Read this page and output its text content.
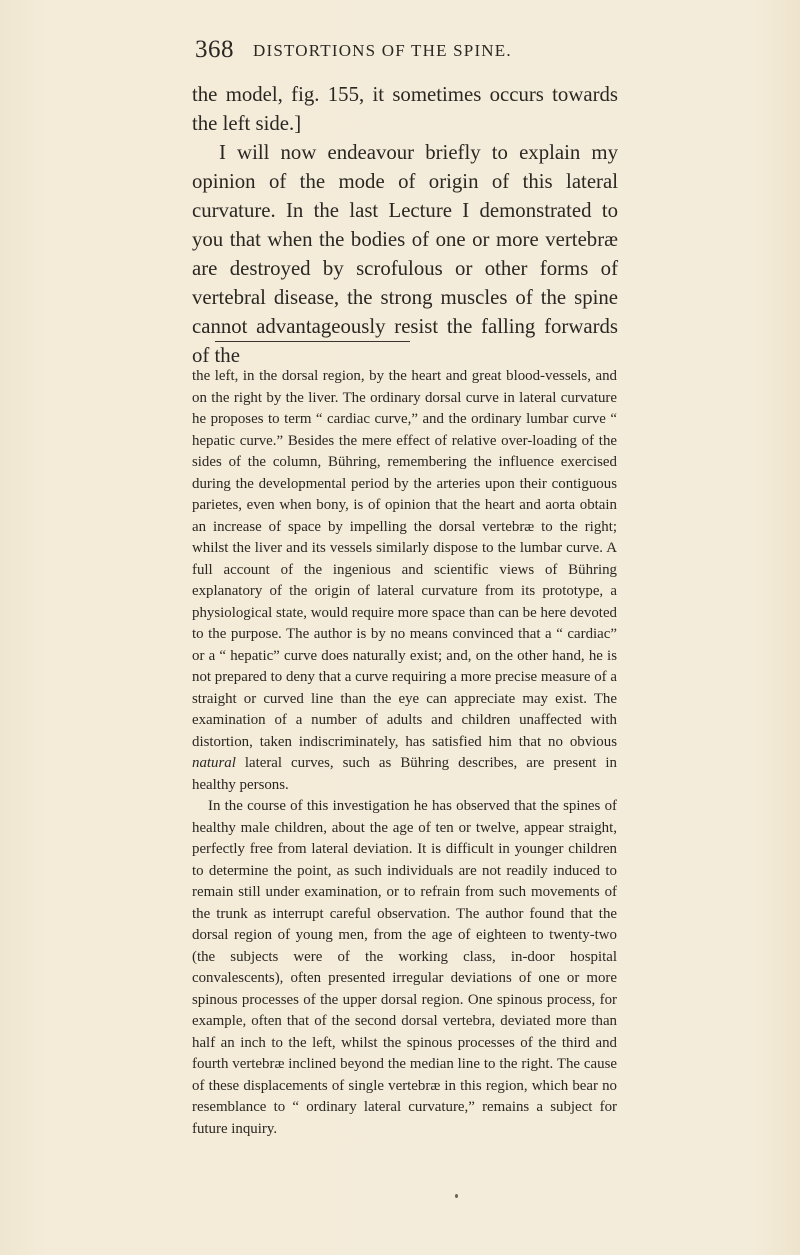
368 DISTORTIONS OF THE SPINE.

the model, fig. 155, it sometimes occurs towards the left side.]

I will now endeavour briefly to explain my opinion of the mode of origin of this lateral curvature. In the last Lecture I demonstrated to you that when the bodies of one or more vertebræ are destroyed by scrofulous or other forms of vertebral disease, the strong muscles of the spine cannot advantageously resist the falling forwards of the

the left, in the dorsal region, by the heart and great blood-vessels, and on the right by the liver. The ordinary dorsal curve in lateral curvature he proposes to term “ cardiac curve,” and the ordinary lumbar curve “ hepatic curve.” Besides the mere effect of relative over-loading of the sides of the column, Bühring, remembering the influence exercised during the developmental period by the arteries upon their contiguous parietes, even when bony, is of opinion that the heart and aorta obtain an increase of space by impelling the dorsal vertebræ to the right; whilst the liver and its vessels similarly dispose to the lumbar curve. A full account of the ingenious and scientific views of Bühring explanatory of the origin of lateral curvature from its prototype, a physiological state, would require more space than can be here devoted to the purpose. The author is by no means convinced that a “ cardiac” or a “ hepatic” curve does naturally exist; and, on the other hand, he is not prepared to deny that a curve requiring a more precise measure of a straight or curved line than the eye can appreciate may exist. The examination of a number of adults and children unaffected with distortion, taken indiscriminately, has satisfied him that no obvious natural lateral curves, such as Bühring describes, are present in healthy persons.

In the course of this investigation he has observed that the spines of healthy male children, about the age of ten or twelve, appear straight, perfectly free from lateral deviation. It is difficult in younger children to determine the point, as such individuals are not readily induced to remain still under examination, or to refrain from such movements of the trunk as interrupt careful observation. The author found that the dorsal region of young men, from the age of eighteen to twenty-two (the subjects were of the working class, in-door hospital convalescents), often presented irregular deviations of one or more spinous processes of the upper dorsal region. One spinous process, for example, often that of the second dorsal vertebra, deviated more than half an inch to the left, whilst the spinous processes of the third and fourth vertebræ inclined beyond the median line to the right. The cause of these displacements of single vertebræ in this region, which bear no resemblance to “ ordinary lateral curvature,” remains a subject for future inquiry.
